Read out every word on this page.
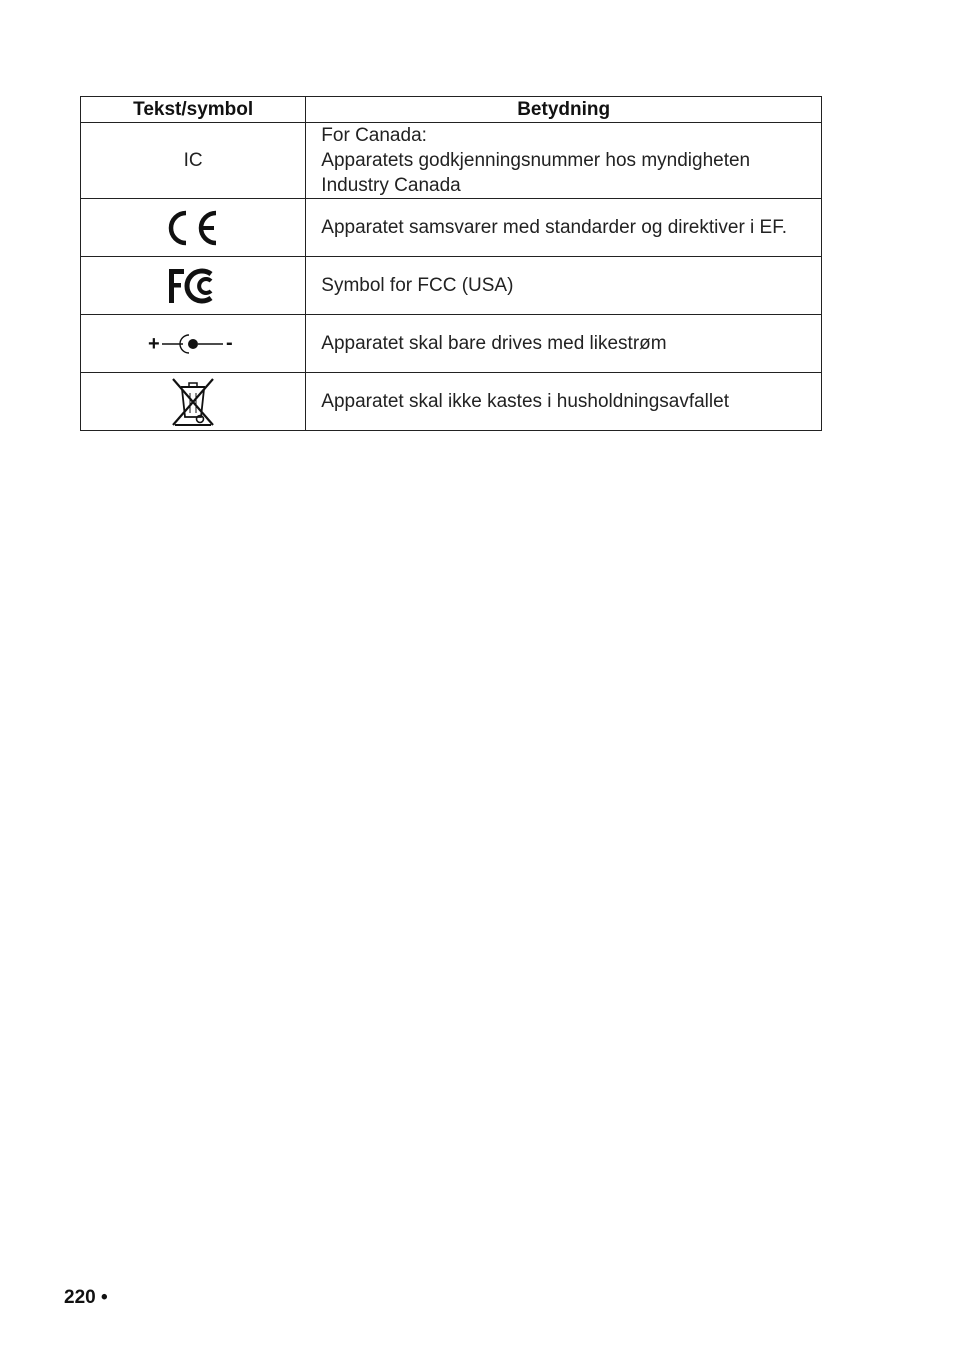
Tekst/symbol	Betydning
IC	For Canada:
Apparatets godkjenningsnummer hos myndigheten
Industry Canada

	Apparatet samsvarer med standarder og direktiver i EF.
	Symbol for FCC (USA)

+ -	Apparatet skal bare drives med likestrøm
	Apparatet skal ikke kastes i husholdningsavfallet
220 •
